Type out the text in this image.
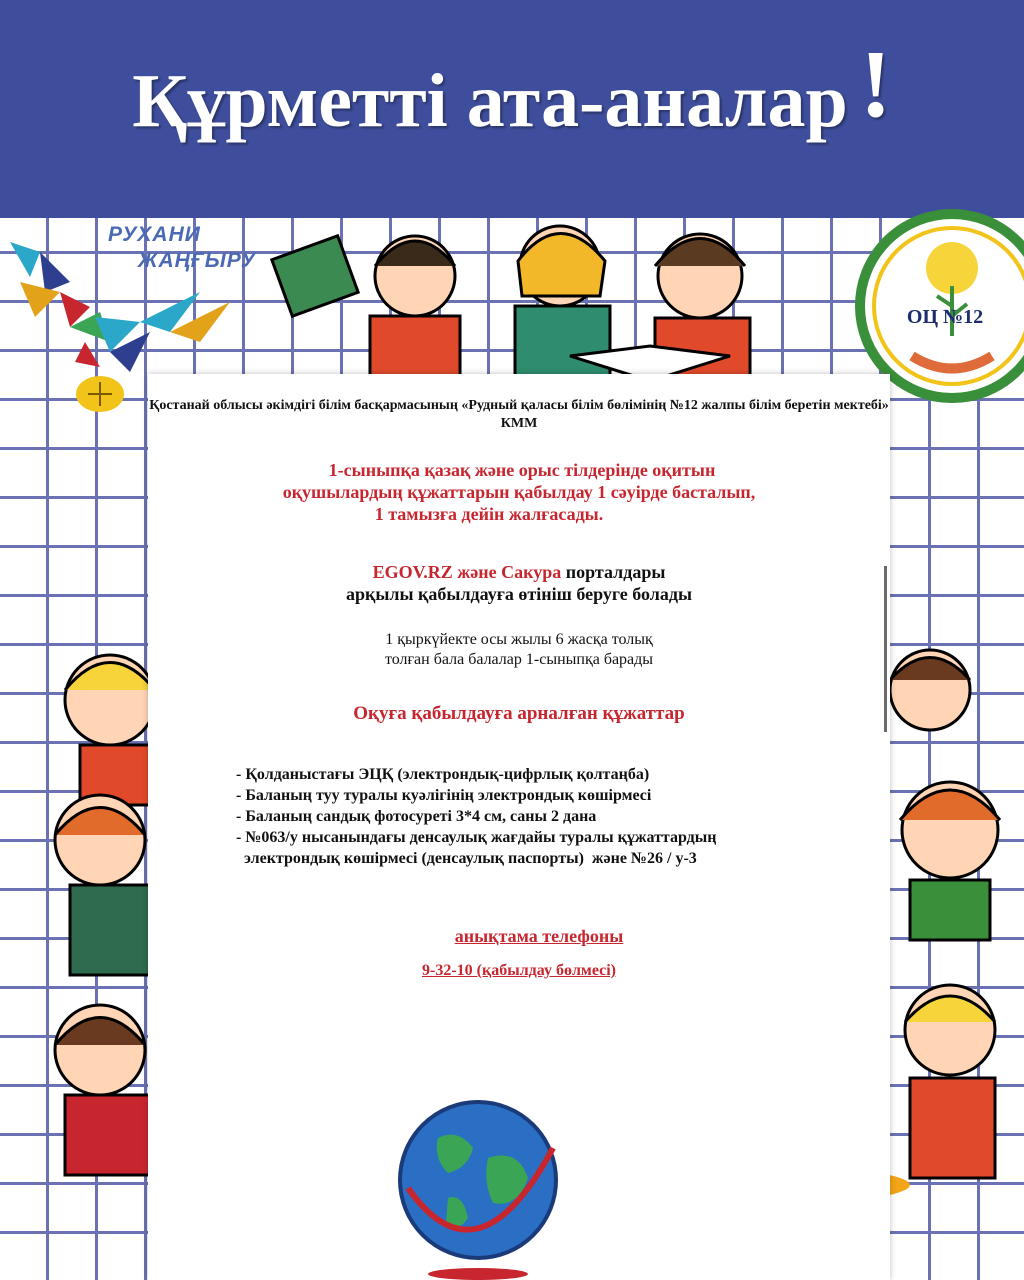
Құрметті ата-аналар !
РУХАНИ
ЖАҢҒЫРУ
ОЦ №12
Қостанай облысы әкімдігі білім басқармасының «Рудный қаласы білім бөлімінің №12 жалпы білім беретін мектебі» КММ
1-сыныпқа қазақ және орыс тілдерінде оқитын
оқушылардың құжаттарын қабылдау 1 сәуірде басталып,
1 тамызға дейін жалғасады.
EGOV.RZ және Сакура порталдары
арқылы қабылдауға өтініш беруге болады
1 қыркүйекте осы жылы 6 жасқа толық
толған бала балалар 1-сыныпқа барады
Оқуға қабылдауға арналған құжаттар
- Қолданыстағы ЭЦҚ (электрондық-цифрлық қолтаңба)
- Баланың туу туралы куәлігінің электрондық көшірмесі
- Баланың сандық фотосуреті 3*4 см, саны 2 дана
- №063/у нысанындағы денсаулық жағдайы туралы құжаттардың
электрондық көшірмесі (денсаулық паспорты)  және №26 / у-3
анықтама телефоны
9-32-10 (қабылдау бөлмесі)
